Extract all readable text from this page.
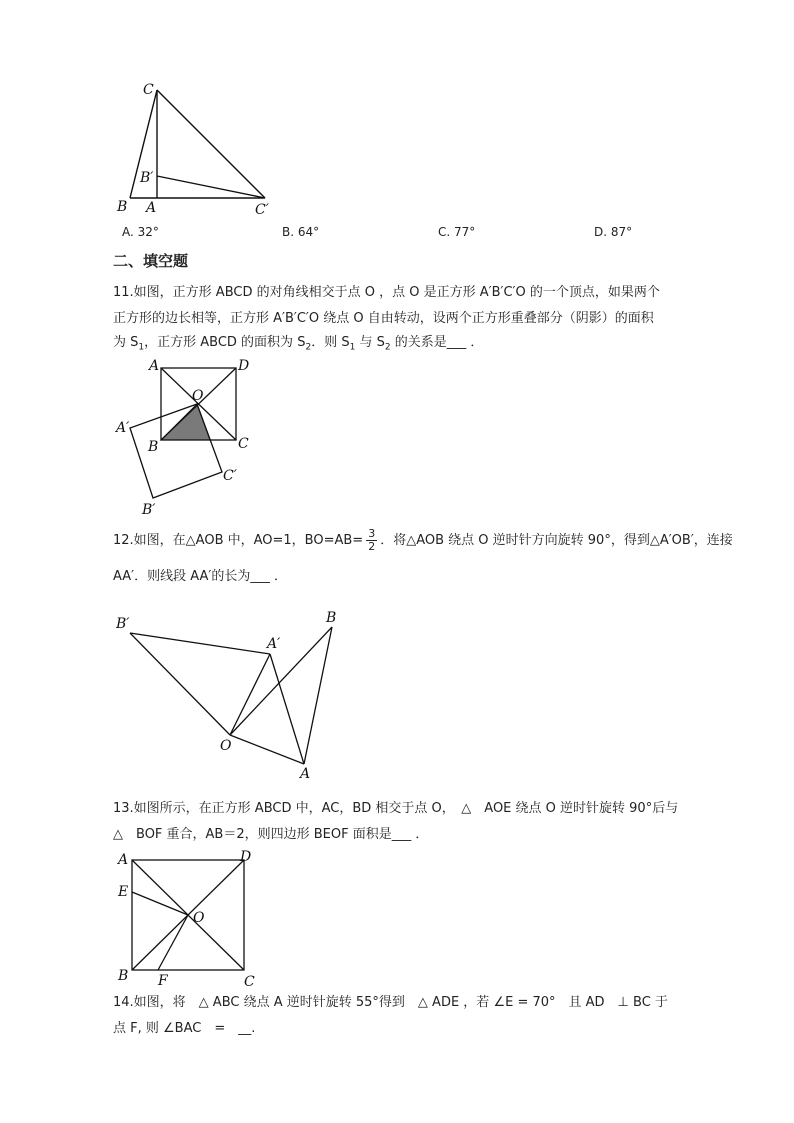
C
B′
B A	C′
A. 32°	B. 64°	C. 77°	D. 87°
二、填空题
11.如图，正方形 ABCD 的对角线相交于点 O ，点 O 是正方形 A′B′C′O 的一个顶点，如果两个
正方形的边长相等，正方形 A′B′C′O 绕点 O 自由转动，设两个正方形重叠部分（阴影）的面积
为 $S_1$，正方形 ABCD 的面积为 $S_2$．则 $S_1$ 与 $S_2$ 的关系是___ ．
A	D
O
A′
B	C
C′
B′
12.如图，在△AOB 中，AO=1，$BO=AB= \frac{3}{2}$ ．将△AOB 绕点 O 逆时针方向旋转 90°，得到△A′OB′，连接
AA′．则线段 AA′的长为___ ．
B′
A′
B
O
A
13.如图所示，在正方形 ABCD 中，AC，BD 相交于点 O，　△　AOE 绕点 O 逆时针旋转 90°后与
△　BOF 重合，AB＝2，则四边形 BEOF 面积是___ ．
A	D
E
O
B F	C
14.如图，将　△ ABC 绕点 A 逆时针旋转 55°得到　△ ADE ，若 ∠E = 70°　且 AD　⊥ BC 于
点 F, 则 ∠BAC　=　__.
